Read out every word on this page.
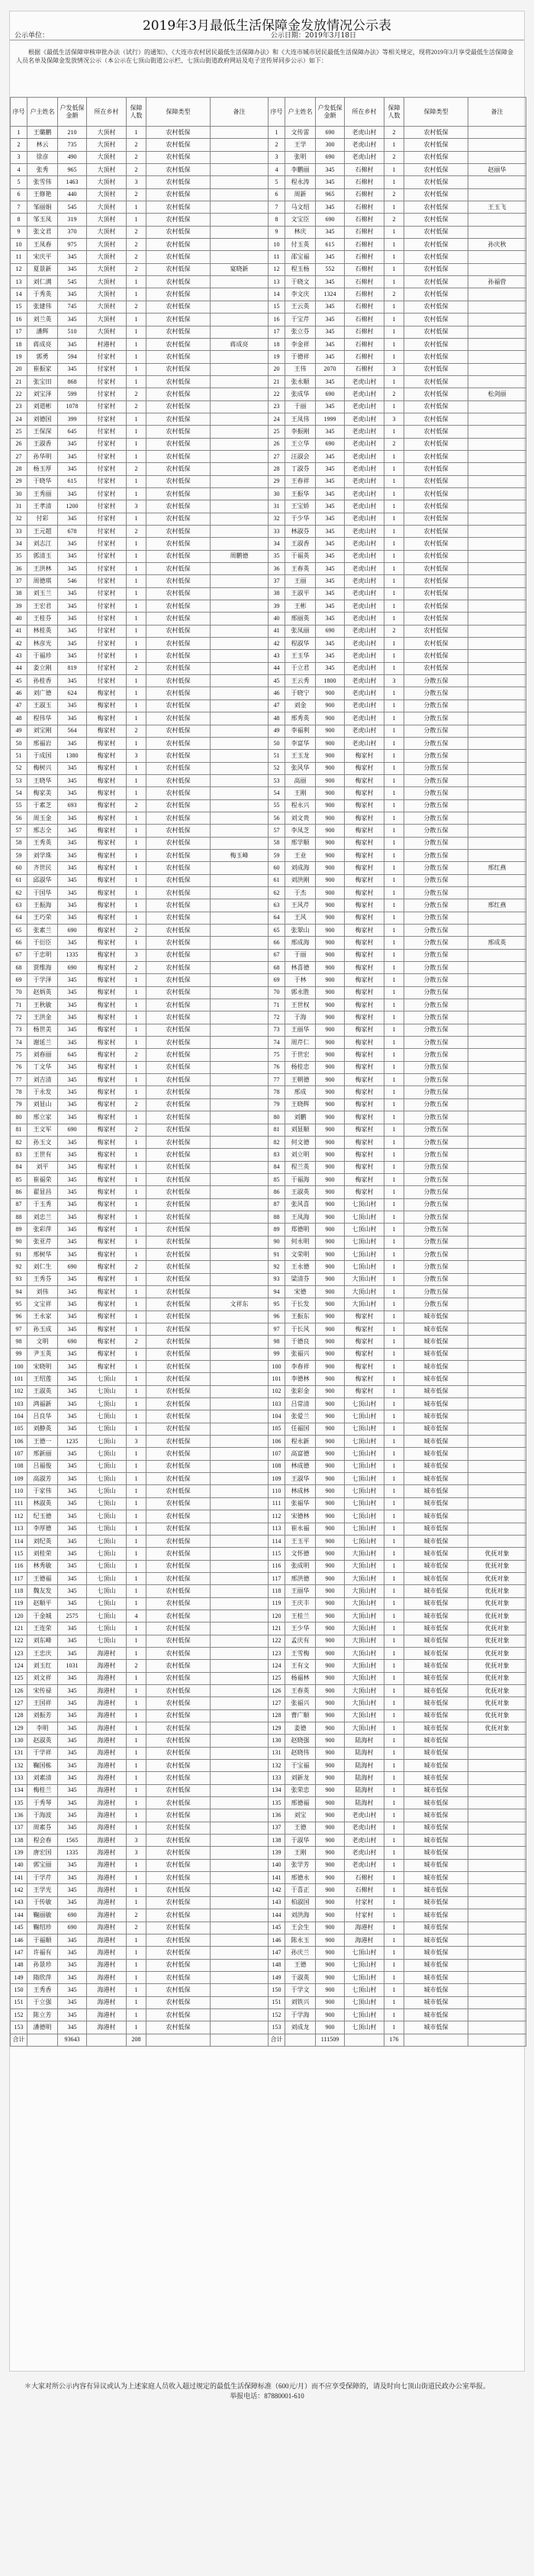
2019年3月最低生活保障金发放情况公示表
公示单位：	公示日期：2019年3月18日
根据《最低生活保障审核审批办法（试行）的通知》、《大连市农村居民最低生活保障办法》和《大连市城市居民最低生活保障办法》等相关规定，现将2019年3月享受最低生活保障金人员名单及保障金发放情况公示（本公示在七顶山街道公示栏、七顶山街道政府网站及电子宣传屏同步公示）如下：
序号	户主姓名	户发低保金额	所在乡村	保障人数	保障类型	备注	序号	户主姓名	户发低保金额	所在乡村	保障人数	保障类型	备注
1	王璐鹏	210	大顶村	1	农村低保		1	文传雷	690	老虎山村	2	农村低保	
2	林云	735	大顶村	2	农村低保		2	王学	300	老虎山村	1	农村低保	
3	徐彦	490	大顶村	2	农村低保		3	张明	690	老虎山村	2	农村低保	
4	张秀	965	大顶村	2	农村低保		4	李鹏丽	345	石棉村	1	农村低保	赵丽华
5	张雪伟	1463	大顶村	3	农村低保		5	程永涛	345	石棉村	1	农村低保	
6	王修艳	440	大顶村	2	农村低保		6	周新	965	石棉村	2	农村低保	
7	邹丽娟	545	大顶村	1	农村低保		7	马文绍	345	石棉村	1	农村低保	王玉飞
8	邹玉凤	319	大顶村	1	农村低保		8	文宝臣	690	石棉村	2	农村低保	
9	张文君	370	大顶村	2	农村低保		9	林庆	345	石棉村	1	农村低保	
10	王凤春	975	大顶村	2	农村低保		10	付玉英	615	石棉村	1	农村低保	孙庆秋
11	宋庆平	345	大顶村	2	农村低保		11	邵宝福	345	石棉村	1	农村低保	
12	夏景新	345	大顶村	2	农村低保	宴晓新	12	程玉杨	552	石棉村	1	农村低保	
13	刘仁满	545	大顶村	1	农村低保		13	于晓文	345	石棉村	1	农村低保	孙福营
14	于秀英	345	大顶村	1	农村低保		14	李文庆	1324	石棉村	2	农村低保	
15	张建伟	745	大顶村	2	农村低保		15	王云英	345	石棉村	1	农村低保	
16	刘兰英	345	大顶村	1	农村低保		16	于宝芹	345	石棉村	1	农村低保	
17	潘辉	510	大顶村	1	农村低保		17	张立芬	345	石棉村	1	农村低保	
18	蒋成亮	345	村港村	1	农村低保	蒋成亮	18	李金祥	345	石棉村	1	农村低保	
19	郭勇	594	付家村	1	农村低保		19	于德祥	345	石棉村	1	农村低保	
20	崔振家	345	付家村	1	农村低保		20	王伟	2070	石棉村	3	农村低保	
21	张宝田	868	付家村	1	农村低保		21	张永顺	345	老虎山村	1	农村低保	
22	刘宝泽	599	付家村	2	农村低保		22	张成华	690	老虎山村	2	农村低保	松剑丽
23	刘道彬	1078	付家村	2	农村低保		23	于丽	345	老虎山村	1	农村低保	
24	刘德国	399	付家村	1	农村低保		24	王凤伟	1999	老虎山村	3	农村低保	
25	王保深	645	付家村	1	农村低保		25	李振刚	345	老虎山村	1	农村低保	
26	王淑香	345	付家村	1	农村低保		26	王立华	690	老虎山村	2	农村低保	
27	孙华明	345	付家村	1	农村低保		27	汪淑会	345	老虎山村	1	农村低保	
28	杨玉厚	345	付家村	2	农村低保		28	丁淑芬	345	老虎山村	1	农村低保	
29	于晓华	615	付家村	1	农村低保		29	王春祥	345	老虎山村	1	农村低保	
30	王秀丽	345	付家村	1	农村低保		30	王振华	345	老虎山村	1	农村低保	
31	王孝清	1200	付家村	3	农村低保		31	王宝娇	345	老虎山村	1	农村低保	
32	付彩	345	付家村	1	农村低保		32	于少华	345	老虎山村	1	农村低保	
33	王元超	678	付家村	2	农村低保		33	林淑芬	345	老虎山村	1	农村低保	
34	刘志江	345	付家村	1	农村低保		34	王淑香	345	老虎山村	1	农村低保	
35	郭清玉	345	付家村	1	农村低保	周鹏德	35	于福英	345	老虎山村	1	农村低保	
36	王洪林	345	付家村	1	农村低保		36	王春英	345	老虎山村	1	农村低保	
37	周德琪	546	付家村	1	农村低保		37	王丽	345	老虎山村	1	农村低保	
38	刘玉兰	345	付家村	1	农村低保		38	王淑平	345	老虎山村	1	农村低保	
39	王宏君	345	付家村	1	农村低保		39	王彬	345	老虎山村	1	农村低保	
40	王桂芬	345	付家村	1	农村低保		40	邢丽英	345	老虎山村	1	农村低保	
41	林桂英	345	付家村	1	农村低保		41	张凤丽	690	老虎山村	2	农村低保	
42	林彦光	345	付家村	1	农村低保		42	程淑华	345	老虎山村	1	农村低保	
43	于福珍	345	付家村	1	农村低保		43	王玉华	345	老虎山村	1	农村低保	
44	姜立刚	819	付家村	2	农村低保		44	于立君	345	老虎山村	1	农村低保	
45	孙桂香	345	付家村	1	农村低保		45	王云秀	1800	老虎山村	3	分散五保	
46	刘广德	624	梅家村	1	农村低保		46	于晓宁	900	老虎山村	1	分散五保	
47	王淑玉	345	梅家村	1	农村低保		47	刘金	900	老虎山村	1	分散五保	
48	程伟华	345	梅家村	1	农村低保		48	邢秀英	900	老虎山村	1	分散五保	
49	刘宝刚	564	梅家村	2	农村低保		49	李福利	900	老虎山村	1	分散五保	
50	邢福岩	345	梅家村	1	农村低保		50	李富华	900	老虎山村	1	分散五保	
51	于成国	1380	梅家村	3	农村低保		51	王玉龙	900	梅家村	1	分散五保	
52	梅树兴	345	梅家村	1	农村低保		52	张风华	900	梅家村	1	分散五保	
53	王晓华	345	梅家村	1	农村低保		53	高丽	900	梅家村	1	分散五保	
54	梅家美	345	梅家村	1	农村低保		54	王刚	900	梅家村	1	分散五保	
55	于素芝	693	梅家村	2	农村低保		55	程永兴	900	梅家村	1	分散五保	
56	周玉金	345	梅家村	1	农村低保		56	刘文贵	900	梅家村	1	分散五保	
57	邢志全	345	梅家村	1	农村低保		57	李凤芝	900	梅家村	1	分散五保	
58	王秀英	345	梅家村	1	农村低保		58	邢学顺	900	梅家村	1	分散五保	
59	刘学珠	345	梅家村	1	农村低保	梅玉峰	59	王业	900	梅家村	1	分散五保	
60	齐世民	345	梅家村	1	农村低保		60	刘成海	900	梅家村	1	分散五保	邢红燕
61	邱淑华	345	梅家村	1	农村低保		61	刘洪刚	900	梅家村	1	分散五保	
62	于国华	345	梅家村	1	农村低保		62	于杰	900	梅家村	1	分散五保	
63	王振海	345	梅家村	1	农村低保		63	王风芹	900	梅家村	1	分散五保	邢红燕
64	王巧荣	345	梅家村	1	农村低保		64	王风	900	梅家村	1	分散五保	
65	张素兰	690	梅家村	2	农村低保		65	张翠山	900	梅家村	1	分散五保	
66	于衍臣	345	梅家村	1	农村低保		66	邢成海	900	梅家村	1	分散五保	邢成英
67	于忠明	1335	梅家村	3	农村低保		67	于丽	900	梅家村	1	分散五保	
68	贾维海	690	梅家村	2	农村低保		68	林喜德	900	梅家村	1	分散五保	
69	于学泽	345	梅家村	1	农村低保		69	于林	900	梅家村	1	分散五保	
70	赵炳英	345	梅家村	1	农村低保		70	郭永胜	900	梅家村	1	分散五保	
71	王秋敏	345	梅家村	1	农村低保		71	王世权	900	梅家村	1	分散五保	
72	王洪金	345	梅家村	1	农村低保		72	于海	900	梅家村	1	分散五保	
73	杨世美	345	梅家村	1	农村低保		73	王丽华	900	梅家村	1	分散五保	
74	谢延兰	345	梅家村	1	农村低保		74	周芹仁	900	梅家村	1	分散五保	
75	刘春丽	645	梅家村	2	农村低保		75	于世宏	900	梅家村	1	分散五保	
76	丁文华	345	梅家村	1	农村低保		76	杨桂忠	900	梅家村	1	分散五保	
77	刘吉清	345	梅家村	1	农村低保		77	王朝德	900	梅家村	1	分散五保	
78	于永发	345	梅家村	1	农村低保		78	邢成	900	梅家村	1	分散五保	
79	刘显山	345	梅家村	2	农村低保		79	王晓辉	900	梅家村	1	分散五保	
80	邢立家	345	梅家村	1	农村低保		80	刘鹏	900	梅家村	1	分散五保	
81	王文军	690	梅家村	2	农村低保		81	刘显顺	900	梅家村	1	分散五保	
82	孙玉文	345	梅家村	1	农村低保		82	何文德	900	梅家村	1	分散五保	
83	王世有	345	梅家村	1	农村低保		83	刘立明	900	梅家村	1	分散五保	
84	刘平	345	梅家村	1	农村低保		84	程兰英	900	梅家村	1	分散五保	
85	崔福荣	345	梅家村	1	农村低保		85	于福海	900	梅家村	1	分散五保	
86	翟显昌	345	梅家村	1	农村低保		86	王淑英	900	梅家村	1	分散五保	
87	于玉秀	345	梅家村	1	农村低保		87	张风喜	900	七顶山村	1	分散五保	
88	刘忠兰	345	梅家村	1	农村低保		88	王凤海	900	七顶山村	1	分散五保	
89	张彩萍	345	梅家村	1	农村低保		89	郑德明	900	七顶山村	1	分散五保	
90	张亚芹	345	梅家村	1	农村低保		90	何永明	900	七顶山村	1	分散五保	
91	邢树华	345	梅家村	1	农村低保		91	文荣明	900	七顶山村	1	分散五保	
92	刘仁生	690	梅家村	2	农村低保		92	王永德	900	七顶山村	1	分散五保	
93	王秀芬	345	梅家村	1	农村低保		93	梁清芬	900	大顶山村	1	分散五保	
94	刘伟	345	梅家村	1	农村低保		94	宋德	900	大顶山村	1	分散五保	
95	文宝祥	345	梅家村	1	农村低保	文祥东	95	于长发	900	大顶山村	1	分散五保	
96	王永家	345	梅家村	1	农村低保		96	王振东	900	梅家村	1	城市低保	
97	孙玉成	345	梅家村	1	农村低保		97	于长风	900	梅家村	1	城市低保	
98	文明	690	梅家村	2	农村低保		98	于德良	900	梅家村	1	城市低保	
99	尹玉英	345	梅家村	1	农村低保		99	张福兴	900	梅家村	1	城市低保	
100	宋晓明	345	梅家村	1	农村低保		100	李春祥	900	梅家村	1	城市低保	
101	王绍莲	345	七顶山	1	农村低保		101	李德林	900	梅家村	1	城市低保	
102	王淑英	345	七顶山	1	农村低保		102	张彩金	900	梅家村	1	城市低保	
103	鸿福新	345	七顶山	1	农村低保		103	吕常清	900	七顶山村	1	城市低保	
104	吕良华	345	七顶山	1	农村低保		104	张爱兰	900	七顶山村	1	城市低保	
105	刘静英	345	七顶山	1	农村低保		105	任福国	900	七顶山村	1	城市低保	
106	王德一	1235	七顶山	3	农村低保		106	程永新	900	七顶山村	1	城市低保	
107	邢新丽	345	七顶山	1	农村低保		107	高富德	900	七顶山村	1	城市低保	
108	吕福俊	345	七顶山	1	农村低保		108	林成德	900	七顶山村	1	城市低保	
109	高淑芳	345	七顶山	1	农村低保		109	王淑华	900	七顶山村	1	城市低保	
110	于家伟	345	七顶山	1	农村低保		110	林成林	900	七顶山村	1	城市低保	
111	林淑英	345	七顶山	1	农村低保		111	张福华	900	七顶山村	1	城市低保	
112	纪玉德	345	七顶山	1	农村低保		112	宋德林	900	七顶山村	1	城市低保	
113	李厚德	345	七顶山	1	农村低保		113	崔永福	900	七顶山村	1	城市低保	
114	刘纪英	345	七顶山	1	农村低保		114	王玉平	900	七顶山村	1	城市低保	
115	刘桂荣	345	七顶山	1	农村低保		115	文怀德	900	大顶山村	1	城市低保	优抚对象
116	林秀敏	345	七顶山	1	农村低保		116	张成明	900	大顶山村	1	城市低保	优抚对象
117	王德福	345	七顶山	1	农村低保		117	邢洪德	900	大顶山村	1	城市低保	优抚对象
118	魏友发	345	七顶山	1	农村低保		118	王丽华	900	大顶山村	1	城市低保	优抚对象
119	赵顺平	345	七顶山	1	农村低保		119	王庆丰	900	大顶山村	1	城市低保	优抚对象
120	于金城	2575	七顶山	4	农村低保		120	王桂兰	900	大顶山村	1	城市低保	优抚对象
121	王连荣	345	七顶山	1	农村低保		121	王少华	900	大顶山村	1	城市低保	优抚对象
122	刘东峰	345	七顶山	1	农村低保		122	孟庆有	900	大顶山村	1	城市低保	优抚对象
123	王忠庆	345	海港村	1	农村低保		123	王雪梅	900	大顶山村	1	城市低保	优抚对象
124	刘玉红	1031	海港村	2	农村低保		124	王有文	900	大顶山村	1	城市低保	优抚对象
125	刘文祥	345	海港村	1	农村低保		125	杨福林	900	大顶山村	1	城市低保	优抚对象
126	宋传禄	345	海港村	1	农村低保		126	王春英	900	大顶山村	1	城市低保	优抚对象
127	王国祥	345	海港村	1	农村低保		127	张福兴	900	大顶山村	1	城市低保	优抚对象
128	刘振芳	345	海港村	1	农村低保		128	曹广顺	900	大顶山村	1	城市低保	优抚对象
129	李明	345	海港村	1	农村低保		129	姜德	900	大顶山村	1	城市低保	优抚对象
130	赵淑英	345	海港村	1	农村低保		130	赵晓强	900	陆海村	1	城市低保	
131	于学祥	345	海港村	1	农村低保		131	赵晓伟	900	陆海村	1	城市低保	
132	鞠国栋	345	海港村	1	农村低保		132	于宝福	900	陆海村	1	城市低保	
133	刘素清	345	海港村	1	农村低保		133	刘新龙	900	陆海村	1	城市低保	
134	梅桂兰	345	海港村	1	农村低保		134	张荣忠	900	陆海村	1	城市低保	
135	于秀琴	345	海港村	1	农村低保		135	邢德福	900	陆海村	1	城市低保	
136	于海波	345	海港村	1	农村低保		136	刘宝	900	老虎山村	1	城市低保	
137	周素芬	345	海港村	1	农村低保		137	王德	900	老虎山村	1	城市低保	
138	程会春	1565	海港村	3	农村低保		138	于淑华	900	老虎山村	1	城市低保	
139	唐宏国	1335	海港村	3	农村低保		139	王刚	900	老虎山村	1	城市低保	
140	郭宝丽	345	海港村	1	农村低保		140	张学芳	900	老虎山村	1	城市低保	
141	于学芹	345	海港村	1	农村低保		141	邢德永	900	石棉村	1	城市低保	
142	王学光	345	海港村	1	农村低保		142	于喜正	900	石棉村	1	城市低保	
143	于传敏	345	海港村	1	农村低保		143	柏淑国	900	付家村	1	城市低保	
144	鞠丽敏	690	海港村	2	农村低保		144	刘洪海	900	付家村	1	城市低保	
145	鞠绍珍	690	海港村	2	农村低保		145	王会生	900	海港村	1	城市低保	
146	于福顺	345	海港村	1	农村低保		146	陈永玉	900	海港村	1	城市低保	
147	许福有	345	海港村	1	农村低保		147	孙庆兰	900	七顶山村	1	城市低保	
148	孙景珍	345	海港村	1	农村低保		148	王德	900	七顶山村	1	城市低保	
149	隋欣萍	345	海港村	1	农村低保		149	于淑英	900	七顶山村	1	城市低保	
150	王秀香	345	海港村	1	农村低保		150	于学文	900	七顶山村	1	城市低保	
151	于立强	345	海港村	1	农村低保		151	刘铁兴	900	七顶山村	1	城市低保	
152	陈立芳	345	海港村	1	农村低保		152	于学海	900	七顶山村	1	城市低保	
153	潘德明	345	海港村	1	农村低保		153	刘成龙	900	七顶山村	1	城市低保	
合计		93643		208			合计		111509		176		
＊大家对所公示内容有异议或认为上述家庭人员收入超过规定的最低生活保障标准（600元/月）而不应享受保障的，请及时向七顶山街道民政办公室举报。
举报电话：87880001-610
